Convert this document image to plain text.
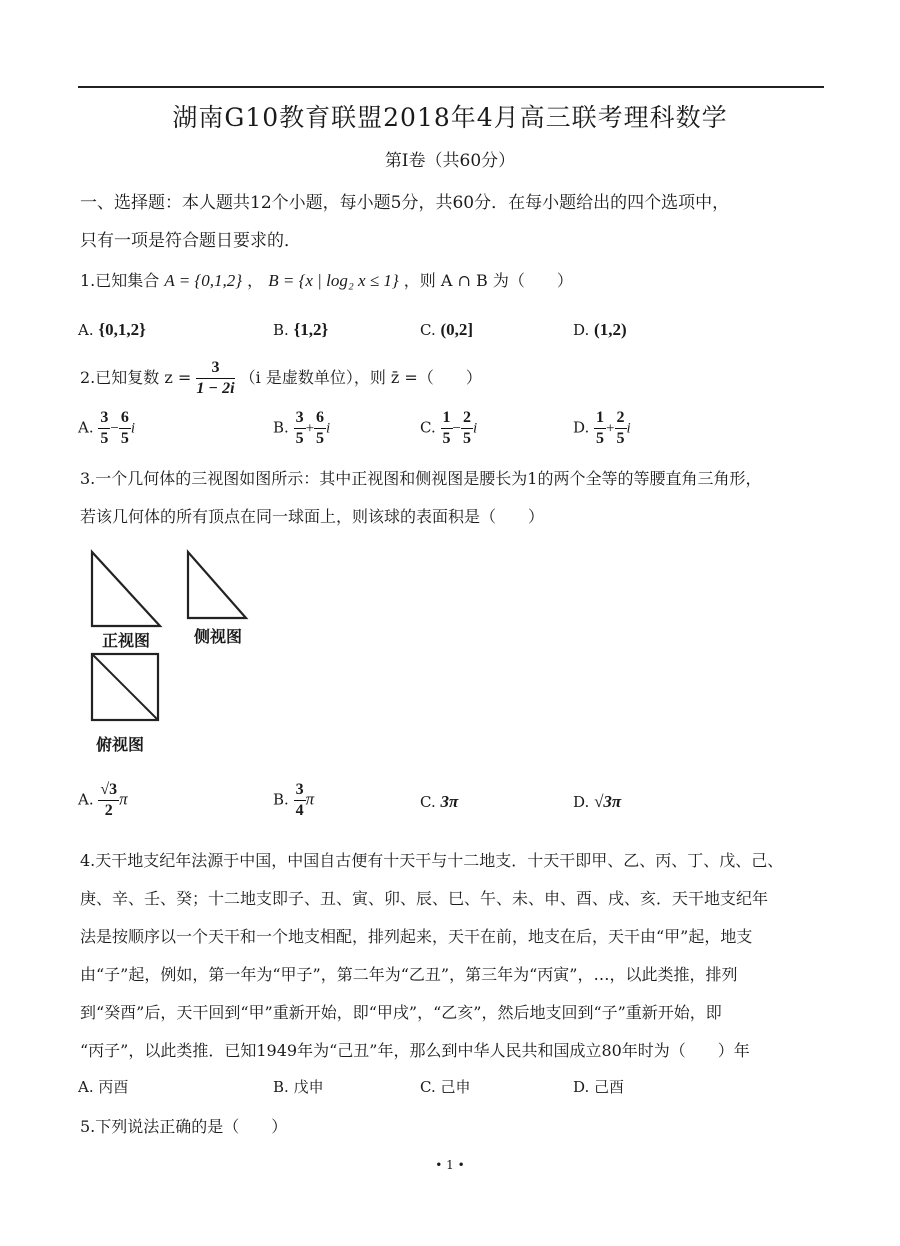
湖南G10教育联盟2018年4月高三联考理科数学
第Ⅰ卷（共60分）
一、选择题：本人题共12个小题，每小题5分，共60分．在每小题给出的四个选项中，
只有一项是符合题日要求的．
1.已知集合 A = {0,1,2} ， B = {x | log₂ x ≤ 1} ，则 A ∩ B 为（　　）
A. {0,1,2}	B. {1,2}	C. (0,2]	D. (1,2)
2.已知复数 $z = \frac{3}{1 - 2i} (i$ 是虚数单位），则 z̄ =（　　）
A. $\frac{3}{5} - \frac{6}{5}$ i	B. $\frac{3}{5} + \frac{6}{5}$ i	C. $\frac{1}{5} - \frac{2}{5}$ i	D. $\frac{1}{5} + \frac{2}{5}$ i
3.一个几何体的三视图如图所示：其中正视图和侧视图是腰长为1的两个全等的等腰直角三角形，
若该几何体的所有顶点在同一球面上，则该球的表面积是（　　）
正视图	侧视图
俯视图
A. $\frac{√3}{2}$ π	B. $\frac{3}{4}$ π	C. 3π	D. √3π
4.天干地支纪年法源于中国，中国自古便有十天干与十二地支．十天干即甲、乙、丙、丁、戊、己、
庚、辛、壬、癸；十二地支即子、丑、寅、卯、辰、巳、午、未、申、酉、戌、亥．天干地支纪年
法是按顺序以一个天干和一个地支相配，排列起来，天干在前，地支在后，天干由“甲”起，地支
由“子”起，例如，第一年为“甲子”，第二年为“乙丑”，第三年为“丙寅”，…，以此类推，排列
到“癸酉”后，天干回到“甲”重新开始，即“甲戌”，“乙亥”，然后地支回到“子”重新开始，即
“丙子”，以此类推．已知1949年为“己丑”年，那么到中华人民共和国成立80年时为（　　）年
A. 丙酉	B. 戊申	C. 己申	D. 己酉
5.下列说法正确的是（　　）
• 1 •
